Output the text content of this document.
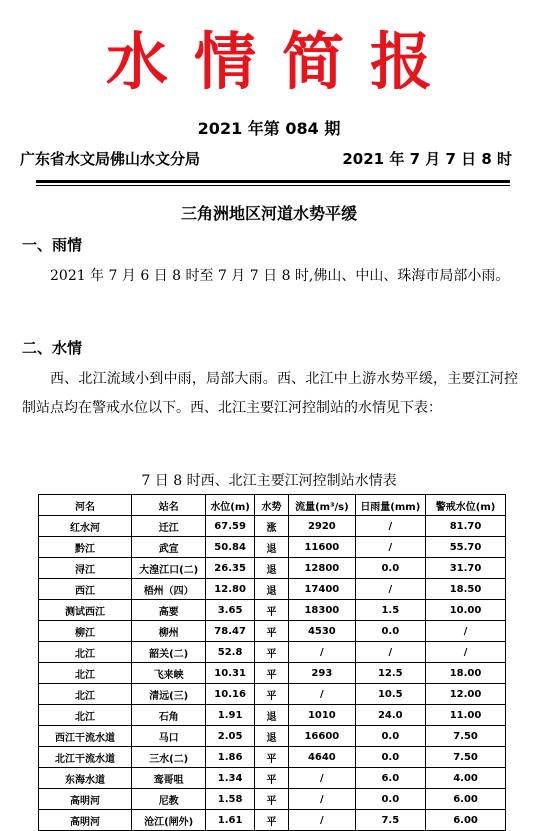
水情简报
2021 年第 084 期
广东省水文局佛山水文分局	2021 年 7 月 7 日 8 时
三角洲地区河道水势平缓
一、雨情
2021 年 7 月 6 日 8 时至 7 月 7 日 8 时,佛山、中山、珠海市局部小雨。
二、水情
西、北江流域小到中雨，局部大雨。西、北江中上游水势平缓，主要江河控制站点均在警戒水位以下。西、北江主要江河控制站的水情见下表：
7 日 8 时西、北江主要江河控制站水情表
河名	站名	水位(m)	水势	流量(m³/s)	日雨量(mm)	警戒水位(m)
红水河	迁江	67.59	涨	2920	/	81.70
黔江	武宣	50.84	退	11600	/	55.70
浔江	大湟江口(二)	26.35	退	12800	0.0	31.70
西江	梧州（四）	12.80	退	17400	/	18.50
测试西江	高要	3.65	平	18300	1.5	10.00
柳江	柳州	78.47	平	4530	0.0	/
北江	韶关(二)	52.8	平	/	/	/
北江	飞来峡	10.31	平	293	12.5	18.00
北江	清远(三)	10.16	平	/	10.5	12.00
北江	石角	1.91	退	1010	24.0	11.00
西江干流水道	马口	2.05	退	16600	0.0	7.50
北江干流水道	三水(二)	1.86	平	4640	0.0	7.50
东海水道	鸾哥咀	1.34	平	/	6.0	4.00
高明河	尼教	1.58	平	/	0.0	6.00
高明河	沧江(闸外)	1.61	平	/	7.5	6.00
